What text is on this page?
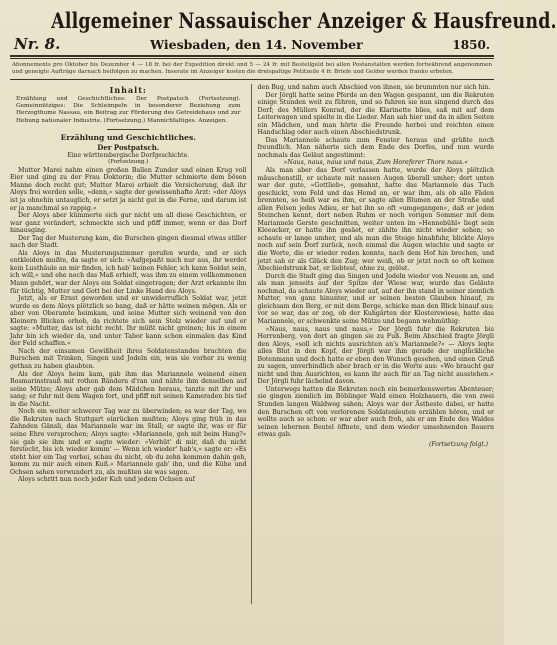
Allgemeiner Nassauischer Anzeiger & Hausfreund.
Nr. 8.	Wiesbaden, den 14. November	1850.
Abonnements pro Oktober bis Dezember 4 — 18 fr. bei der Expedition direkt und 5 — 24 fr. mit Bestellgeld bei allen Postanstalten werden fortwährend angenommen und geneigte Aufträge darnach beifolgen zu machen. Inserate im Anzeiger kosten die dreispaltige Petitzeile 4 fr. Briefe und Gelder werden franko erbeten.
Inhalt:
Erzählung und Geschichtliches: Der Postpatsch (Fortsetzung). Gemeinnütziges: Die Schleimpeln in besonderer Beziehung zum Herzogthume Nassau, ein Beitrag zur Förderung des Getreidebaus und zur Hebung nationaler Industrie. (Fortsetzung.) Mannichfaltiges. Anzeigen.
Erzählung und Geschichtliches.
Der Postpatsch.
Eine württembergische Dorfgeschichte.
(Fortsetzung.)

Mutter Marei nahm einen großen Ballen Zunder und einen Krug voll Eier und ging zu der Frau Doktorin; die Mutter schmierte dem bösen Manne doch recht gut; Mutter Marei erhielt die Versicherung, daß ihr Aloys frei werden solle, »denn,« sagte der gewissenhafte Arzt: »der Aloys ist ja ohnehin untauglich, er setzt ja nicht gut in die Ferne, und darum ist er ja manchmal so rappig.«

Der Aloys aber kümmerte sich gar nicht um all diese Geschichten, er war ganz verändert, schmeckte sich und pfiff immer, wenn er das Dorf hinausging.

Der Tag der Musterung kam, die Burschen gingen diesmal etwas stiller nach der Stadt.

Als Aloys in das Musterungszimmer gerufen wurde, und er sich entkleiden mußte, da sagte er sich: »Aufgepaßt mich nur aus, ihr werdet kein Lusthäule an mir finden, ich hab' keinen Fehler, ich kann Soldat sein, ich will,« und ehe noch das Maß erhielt, was ihm zu einem vollkommenen Mann gehört, war der Aloys ein Soldat eingetragen; der Arzt erkannte ihn für tüchtig, Mutter und Gott bei der Linke Hand des Aloys.

Jetzt, als er Ernst geworden und er unwiderruflich Soldat war, jetzt wurde es dem Aloys plötzlich so bang, daß er hätte weinen mögen. Als er aber von Oberamte heimkam, und seine Mutter sich weinend von den Kleinern Blicken erhob, da richtete sich sein Stolz wieder auf und er sagte: »Mutter, das ist nicht recht. Ihr müßt nicht greinen; bis in einem Jahr bin ich wieder da, und unter Tabor kann schon einmalen das Kind der Feld schaffen.«

Nach der einsamen Gewißheit ihres Soldatenstandes brachten die Burschen mit Trinken, Singen und Jodeln ein, was sie vorher zu wenig gethan zu haben glaubten.

Als der Aloys heim kam, gab ihm das Mariannele weinend einen Rosmarinstrauß mit rothen Bändern d'ran und nähte ihm denselben auf seine Mütze; Aloys aber gab dem Mädchen heraus, tanzte mit ihr und sang; er fuhr mit dem Wagen fort, und pfiff mit seinen Kameraden bis tief in die Nacht.

Noch ein weiter schwerer Tag war zu überwinden; es war der Tag, wo die Rekruten nach Stuttgart einrücken mußten; Aloys ging früh in das Zahnden Gänsli, das Mariannele war im Stall; er sagte ihr, was er für seine Ehre versprochen; Aloys sagte: »Mariannele, geh mit beim Hang?« sie gab sie ihm und er sagte wieder: »Verhüt' di mir, daß du nicht ferstecht, bis ich wieder komm' — Wenn ich wieder' hab's,« sagte er: »Es steht hier ein Tag vorbei, schau du nicht, ob du zehn kommen dahin geh, komm zu mir auch einen Kuß.« Mariannele gab' ihn, und die Kühe und Ochsen sahen verwundert zu, als mußten sie was sagen.

Aloys schritt nun noch jeder Kuh und jedem Ochsen auf

den Bug, und nahm auch Abschied von ihnen, sie brummten nur sich hin.

Der Jörgli hatte seine Pferde an den Wagen gespannt, um die Rekruten einige Stunden weit zu führen, und so fuhren sie nun singend durch das Dorf; des Müllers Konrad, der die Klarinette blies, saß mit auf dem Leiterwagen und spielte in die Lieder. Man sah hier und da in allen Seiten ein Mädchen, und man hörte die Freunde herbei und reichten einen Handschlag oder auch einen Abschiedstrunk.

Das Mariannele schaute zum Fenster heraus und grüßte noch freundlich. Man näherte sich dem Ende des Dorfes, und nun wurde nochmals das Geläut angestimmt:

»Naus, naus, naus und naus, Zum Horeferer Thore naus.«

Als man aber das Dorf verlassen hatte, wurde der Aloys plötzlich mäuschenstill, er schaute mit nassen Augen überall umher; dort unten war der gute, »Gottlieb«, gemahnt, hatte das Mariannele das Tuch geschickt, vom Feld und das Hemd an, er war ihm, als ob alle Fäden brennten, so heiß war es ihm, er sagte allen Blumen an der Straße und allen Felsen jedes Adieu, er hat ihn so oft »umgegangen«, daß er jeden Steinchen kennt, dort neben Ruhm er noch vorigen Sommer mit dem Mariannele Gerste geschnitten, weiter unten im »Hennebühl« liegt sein Kleeacker, er hatte ihn gesäet, er zählte ihn nicht wieder sehen; so schaute er lange umher, und als man die Steige hinabfuhr, blickte Aloys noch auf sein Dorf zurück, noch einmal die Augen wischte und sagte er die Worte, die er wieder reden konnte, nach dem Hof hin brechen, und jetzt sah er als Glück den Zug; wer weiß, ob er jetzt noch so oft keinen Abschiedstrunk bat, er liebtest, ohne zu, gelöst.

Durch die Stadt ging das Singen und Jodeln wieder von Neuem an, und als man jenseits auf der Spitze der Wiese war, wurde das Geläute nochmal, da schaute Aloys wieder auf, auf der ihn stand in seiner ziemlich Mutter, von ganz hinunter, und er seinen besten Glauben hinauf, zu gleichsam den Berg, er mit dem Berge, schicke man den Blick hinauf aus; vor so war, das er zog, ob der Kuhgärten der Klosterswiese, hatte das Mariannele, er schwenkte seine Mütze und begann wehmüthig:

»Naus, naus, naus und naus,« Der Jörgli fuhr die Rekruten bis Herrenberg, von dort an gingen sie zu Fuß. Beim Abschied fragte Jörgli den Aloys, »soll ich nichts ausrichten an's Mariannele?« — Aloys legte alles Blut in den Kopf, der Jörgli war ihm gerade der unglückliche Botenmann und doch hatte er eben den Wunsch gesehen, und einen Gruß zu sagen, unverbindlich aber brach er in die Worte aus: »Wo braucht gar nicht und ihm Ausrichten, es kann ihr auch für an Tag nicht ausstehen.« Der Jörgli fuhr lächelnd davon.

Unterwegs hatten die Rekruten noch ein bemerkenswertes Abenteuer; sie gingen ziemlich im Böblinger Wald einen Holzhauern, die von zwei Stunden langen Waldweg sahen; Aloys war der Ästheste dabei, er hatte den Burschen oft von verlorenen Soldatenleuten erzählen hören, und er wollte auch so schon: er war aber auch froh, als er am Ende des Waldes seinen lebernen Beutel öffnete, und dem wieder umsehnenden Bauern etwas gab.

(Fortsetzung folgt.)
